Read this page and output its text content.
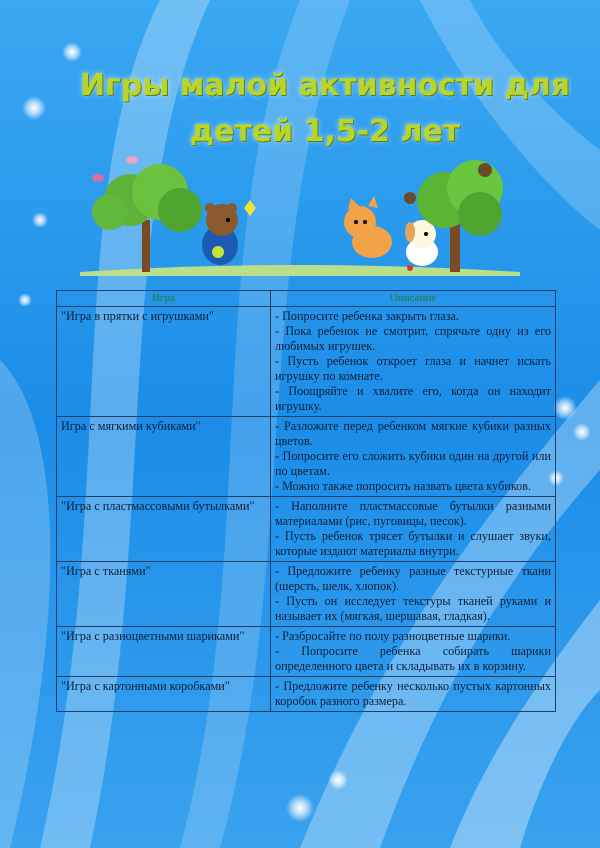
Игры малой активности для
детей 1,5-2 лет
Игра	Описание
"Игра в прятки с игрушками"	- Попросите ребенка закрыть глаза.
- Пока ребенок не смотрит, спрячьте одну из его любимых игрушек.
- Пусть ребенок откроет глаза и начнет искать игрушку по комнате.
- Поощряйте и хвалите его, когда он находит игрушку.

Игра с мягкими кубиками"	- Разложите перед ребенком мягкие кубики разных цветов.
- Попросите его сложить кубики один на другой или по цветам.
- Можно также попросить назвать цвета кубиков.

"Игра с пластмассовыми бутылками"	- Наполните пластмассовые бутылки разными материалами (рис, пуговицы, песок).
- Пусть ребенок трясет бутылки и слушает звуки, которые издают материалы внутри.

"Игра с тканями"	- Предложите ребенку разные текстурные ткани (шерсть, шелк, хлопок).
- Пусть он исследует текстуры тканей руками и называет их (мягкая, шершавая, гладкая).

"Игра с разноцветными шариками"	- Разбросайте по полу разноцветные шарики.
- Попросите ребенка собирать шарики определенного цвета и складывать их в корзину.

"Игра с картонными коробками"	- Предложите ребенку несколько пустых картонных коробок разного размера.
